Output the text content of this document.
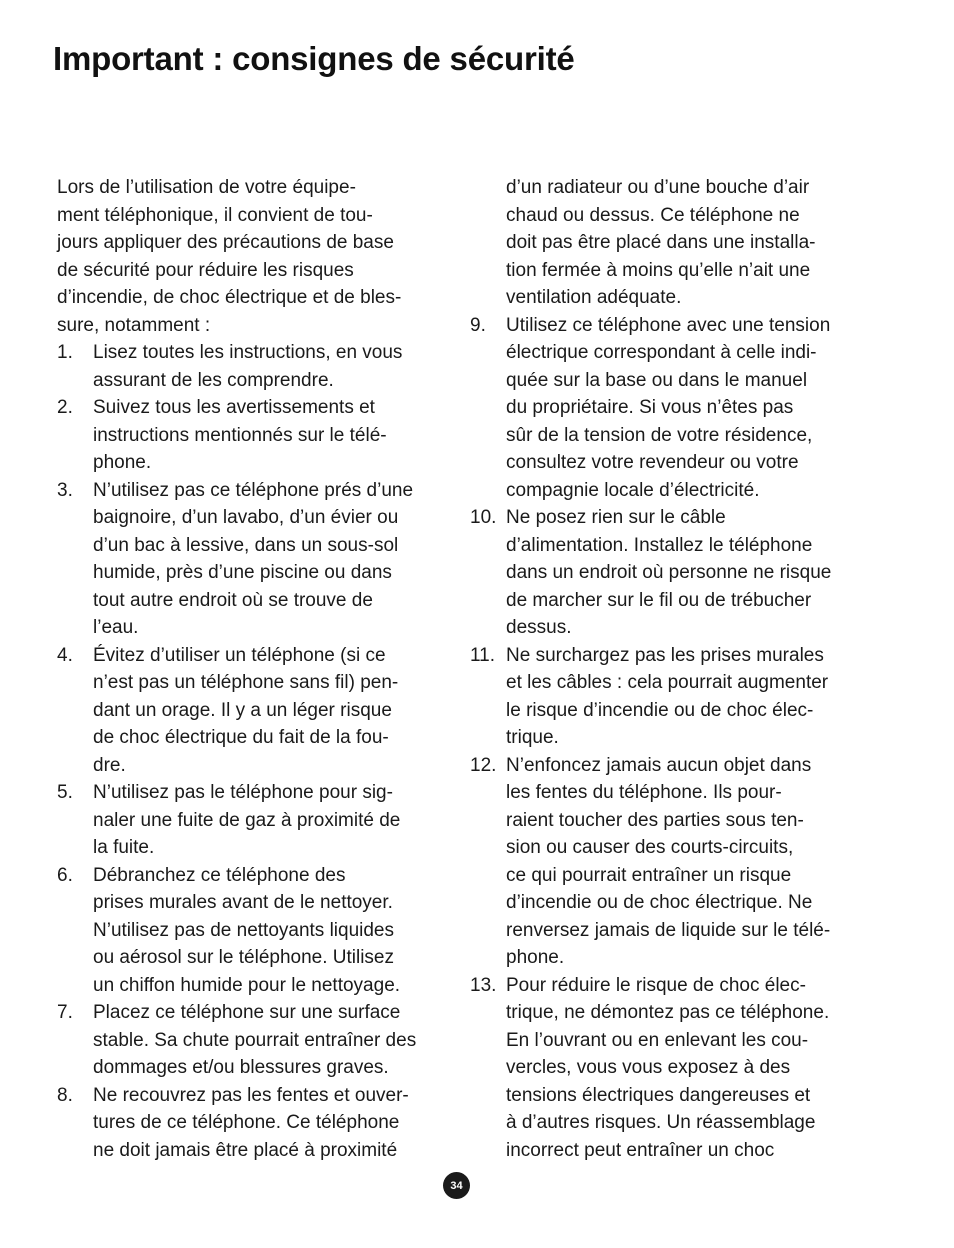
Important : consignes de sécurité

Lors de l’utilisation de votre équipe-
ment téléphonique, il convient de tou-
jours appliquer des précautions de base
de sécurité pour réduire les risques
d’incendie, de choc électrique et de bles-
sure, notamment :

1. Lisez toutes les instructions, en vous
assurant de les comprendre.
2. Suivez tous les avertissements et
instructions mentionnés sur le télé-
phone.
3. N’utilisez pas ce téléphone prés d’une
baignoire, d’un lavabo, d’un évier ou
d’un bac à lessive, dans un sous-sol
humide, près d’une piscine ou dans
tout autre endroit où se trouve de
l’eau.
4. Évitez d’utiliser un téléphone (si ce
n’est pas un téléphone sans fil) pen-
dant un orage. Il y a un léger risque
de choc électrique du fait de la fou-
dre.
5. N’utilisez pas le téléphone pour sig-
naler une fuite de gaz à proximité de
la fuite.
6. Débranchez ce téléphone des
prises murales avant de le nettoyer.
N’utilisez pas de nettoyants liquides
ou aérosol sur le téléphone. Utilisez
un chiffon humide pour le nettoyage.
7. Placez ce téléphone sur une surface
stable. Sa chute pourrait entraîner des
dommages et/ou blessures graves.
8. Ne recouvrez pas les fentes et ouver-
tures de ce téléphone. Ce téléphone
ne doit jamais être placé à proximité

d’un radiateur ou d’une bouche d’air
chaud ou dessus. Ce téléphone ne
doit pas être placé dans une installa-
tion fermée à moins qu’elle n’ait une
ventilation adéquate.

9. Utilisez ce téléphone avec une tension
électrique correspondant à celle indi-
quée sur la base ou dans le manuel
du propriétaire. Si vous n’êtes pas
sûr de la tension de votre résidence,
consultez votre revendeur ou votre
compagnie locale d’électricité.
10. Ne posez rien sur le câble
d’alimentation. Installez le téléphone
dans un endroit où personne ne risque
de marcher sur le fil ou de trébucher
dessus.
11. Ne surchargez pas les prises murales
et les câbles : cela pourrait augmenter
le risque d’incendie ou de choc élec-
trique.
12. N’enfoncez jamais aucun objet dans
les fentes du téléphone. Ils pour-
raient toucher des parties sous ten-
sion ou causer des courts-circuits,
ce qui pourrait entraîner un risque
d’incendie ou de choc électrique. Ne
renversez jamais de liquide sur le télé-
phone.
13. Pour réduire le risque de choc élec-
trique, ne démontez pas ce téléphone.
En l’ouvrant ou en enlevant les cou-
vercles, vous vous exposez à des
tensions électriques dangereuses et
à d’autres risques. Un réassemblage
incorrect peut entraîner un choc
34
